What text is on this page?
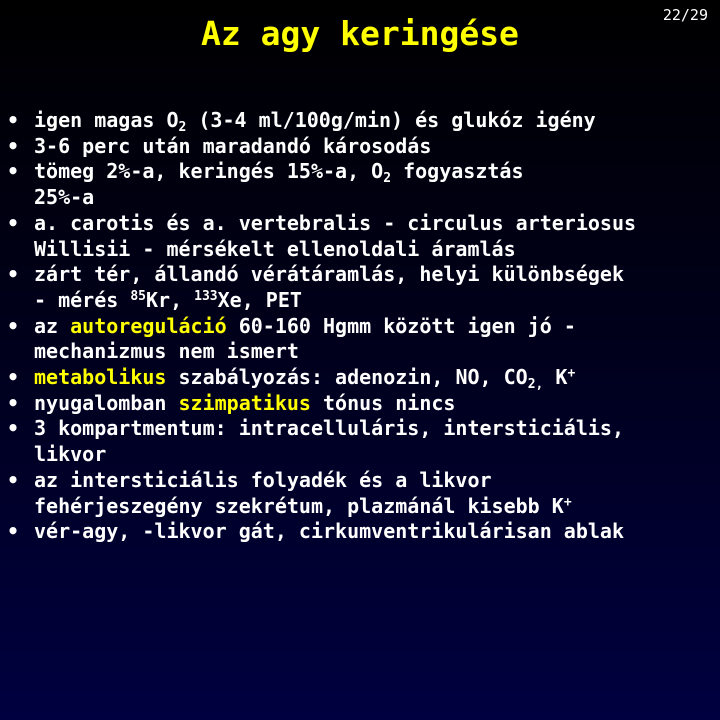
Az agy keringése	22/29
• igen magas $O_2$ (3-4 ml/100g/min) és glukóz igény
• 3-6 perc után maradandó károsodás
• tömeg 2%-a, keringés 15%-a, $O_2$ fogyasztás
25%-a
• a. carotis és a. vertebralis - circulus arteriosus
Willisii - mérsékelt ellenoldali áramlás
• zárt tér, állandó vérátáramlás, helyi különbségek
- mérés $^{85}$Kr, $^{133}$Xe, PET
• az autoreguláció 60-160 Hgmm között igen jó -
mechanizmus nem ismert
• metabolikus szabályozás: adenozin, NO, $CO_{2,}$ K+
• nyugalomban szimpatikus tónus nincs
• 3 kompartmentum: intracelluláris, intersticiális,
likvor
• az intersticiális folyadék és a likvor
fehérjeszegény szekrétum, plazmánál kisebb K+
• vér-agy, -likvor gát, cirkumventrikulárisan ablak
